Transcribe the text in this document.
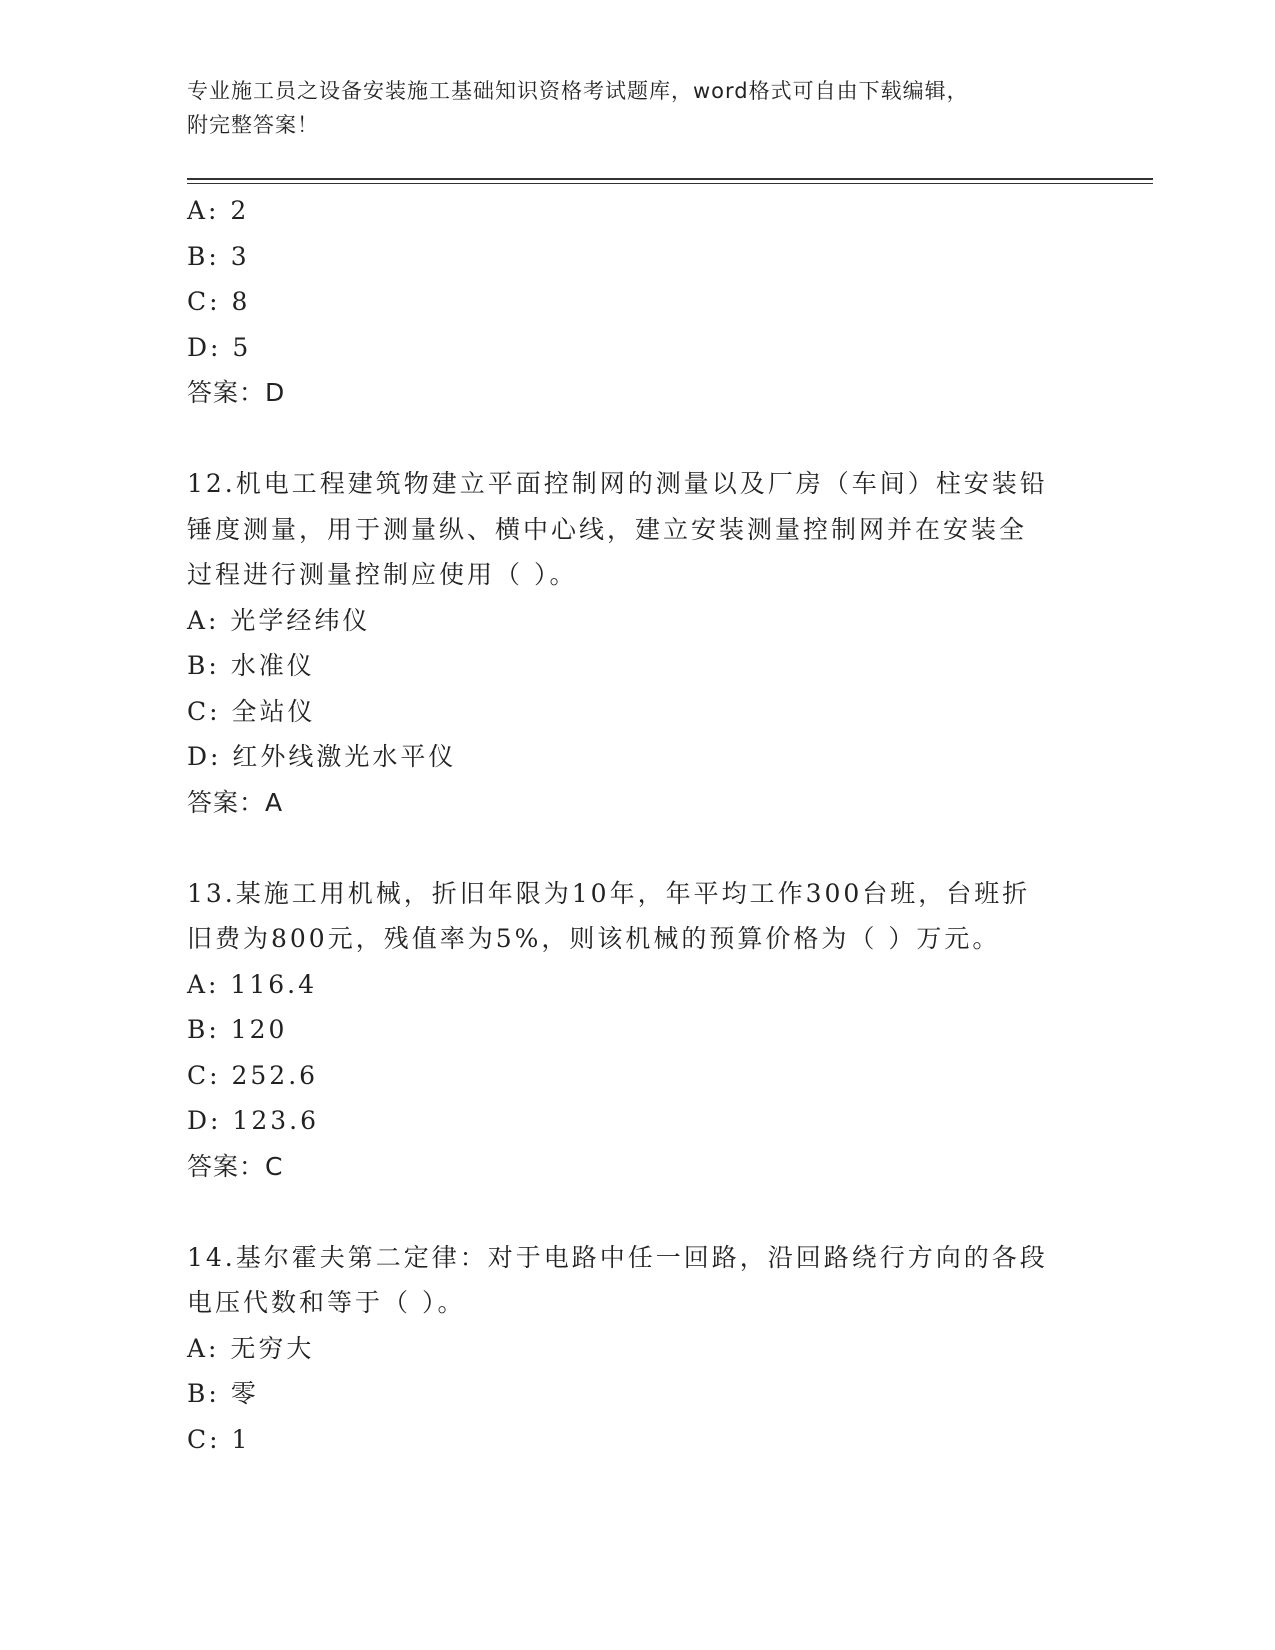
专业施工员之设备安装施工基础知识资格考试题库，word格式可自由下载编辑，
附完整答案！
A: 2
B: 3
C: 8
D: 5
答案：D
12.机电工程建筑物建立平面控制网的测量以及厂房（车间）柱安装铅
锤度测量，用于测量纵、横中心线，建立安装测量控制网并在安装全
过程进行测量控制应使用（ ）。
A: 光学经纬仪
B: 水准仪
C: 全站仪
D: 红外线激光水平仪
答案：A
13.某施工用机械，折旧年限为10年，年平均工作300台班，台班折
旧费为800元，残值率为5%，则该机械的预算价格为（ ）万元。
A: 116.4
B: 120
C: 252.6
D: 123.6
答案：C
14.基尔霍夫第二定律：对于电路中任一回路，沿回路绕行方向的各段
电压代数和等于（ ）。
A: 无穷大
B: 零
C: 1
